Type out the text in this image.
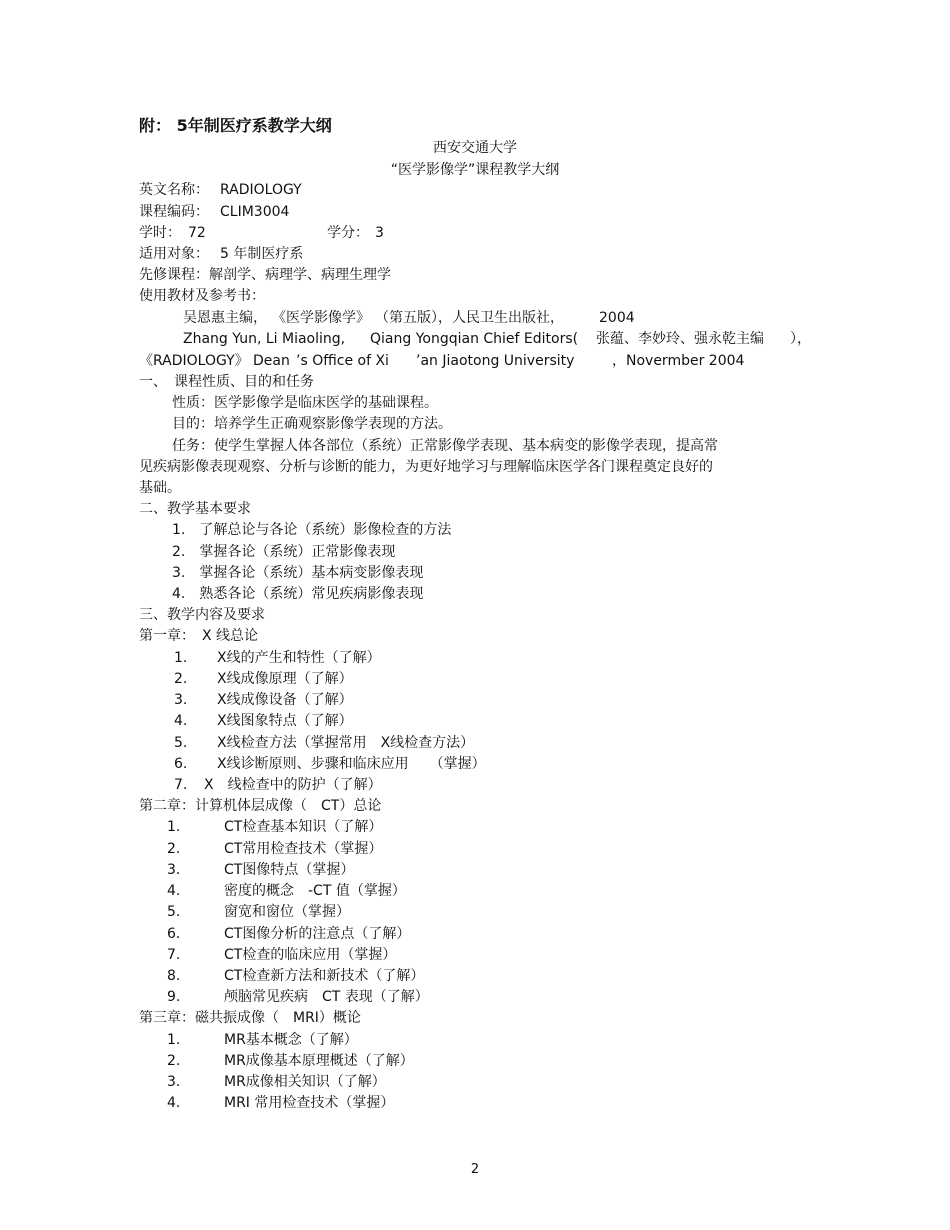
附： 5年制医疗系教学大纲
西安交通大学
“医学影像学”课程教学大纲
英文名称： RADIOLOGY
课程编码： CLIM3004
学时： 72	学分： 3
适用对象： 5 年制医疗系
先修课程：解剖学、病理学、病理生理学
使用教材及参考书：
吴恩惠主编， 《医学影像学》 （第五版），人民卫生出版社，	2004
Zhang Yun, Li Miaoling, Qiang Yongqian Chief Editors( 张蕴、李妙玲、强永乾主编 ），
《RADIOLOGY》 Dean ’s Office of Xi ’an Jiaotong University	，Novermber 2004
一、　课程性质、目的和任务
性质：医学影像学是临床医学的基础课程。
目的：培养学生正确观察影像学表现的方法。
任务：使学生掌握人体各部位（系统）正常影像学表现、基本病变的影像学表现，提高常
见疾病影像表现观察、分析与诊断的能力，为更好地学习与理解临床医学各门课程奠定良好的
基础。
二、教学基本要求
1.　了解总论与各论（系统）影像检查的方法
2.　掌握各论（系统）正常影像表现
3.　掌握各论（系统）基本病变影像表现
4.　熟悉各论（系统）常见疾病影像表现
三、教学内容及要求
第一章：　X 线总论
1. X线的产生和特性（了解）
2. X线成像原理（了解）
3. X线成像设备（了解）
4. X线图象特点（了解）
5. X线检查方法（掌握常用　X线检查方法）
6. X线诊断原则、步骤和临床应用　　（掌握）
7. X　线检查中的防护（了解）
第二章：计算机体层成像（　CT）总论
1.	CT检查基本知识（了解）
2.	CT常用检查技术（掌握）
3.	CT图像特点（掌握）
4.	密度的概念　-CT 值（掌握）
5.	窗宽和窗位（掌握）
6.	CT图像分析的注意点（了解）
7.	CT检查的临床应用（掌握）
8.	CT检查新方法和新技术（了解）
9.	颅脑常见疾病　CT 表现（了解）
第三章：磁共振成像（　MRI）概论
1.	MR基本概念（了解）
2.	MR成像基本原理概述（了解）
3.	MR成像相关知识（了解）
4.	MRI 常用检查技术（掌握）
2
